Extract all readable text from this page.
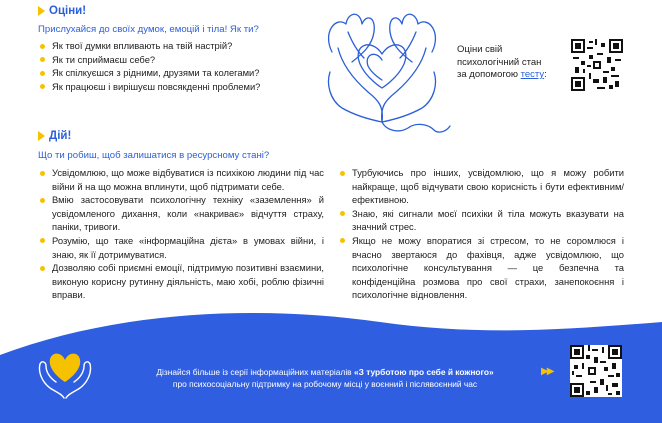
Оціни!
Прислухайся до своїх думок, емоцій і тіла! Як ти?
Як твої думки впливають на твій настрій?
Як ти сприймаєш себе?
Як спілкуєшся з рідними, друзями та колегами?
Як працюєш і вирішуєш повсякденні проблеми?
Оціни свій
психологічний стан
за допомогою тесту:
Дій!
Що ти робиш, щоб залишатися в ресурсному стані?
Усвідомлюю, що може відбуватися із психікою людини під час війни й на що можна вплинути, щоб підтримати себе.
Вмію застосовувати психологічну техніку «заземлення» й усвідомленого дихання, коли «накриває» відчуття страху, паніки, тривоги.
Розумію, що таке «інформаційна дієта» в умовах війни, і знаю, як її дотримуватися.
Дозволяю собі приємні емоції, підтримую позитивні взаємини, виконую корисну рутинну діяльність, маю хобі, роблю фізичні вправи.
Турбуючись про інших, усвідомлюю, що я можу робити найкраще, щоб відчувати свою корисність і бути ефективним/ефективною.
Знаю, які сигнали моєї психіки й тіла можуть вказувати на значний стрес.
Якщо не можу впоратися зі стресом, то не соромлюся і вчасно звертаюся до фахівця, адже усвідомлюю, що психологічне консультування — це безпечна та конфіденційна розмова про свої страхи, занепокоєння і психологічне відновлення.
Дізнайся більше із серії інформаційних матеріалів «З турботою про себе й кожного»
про психосоціальну підтримку на робочому місці у воєнний і післявоєнний час
▶▶
